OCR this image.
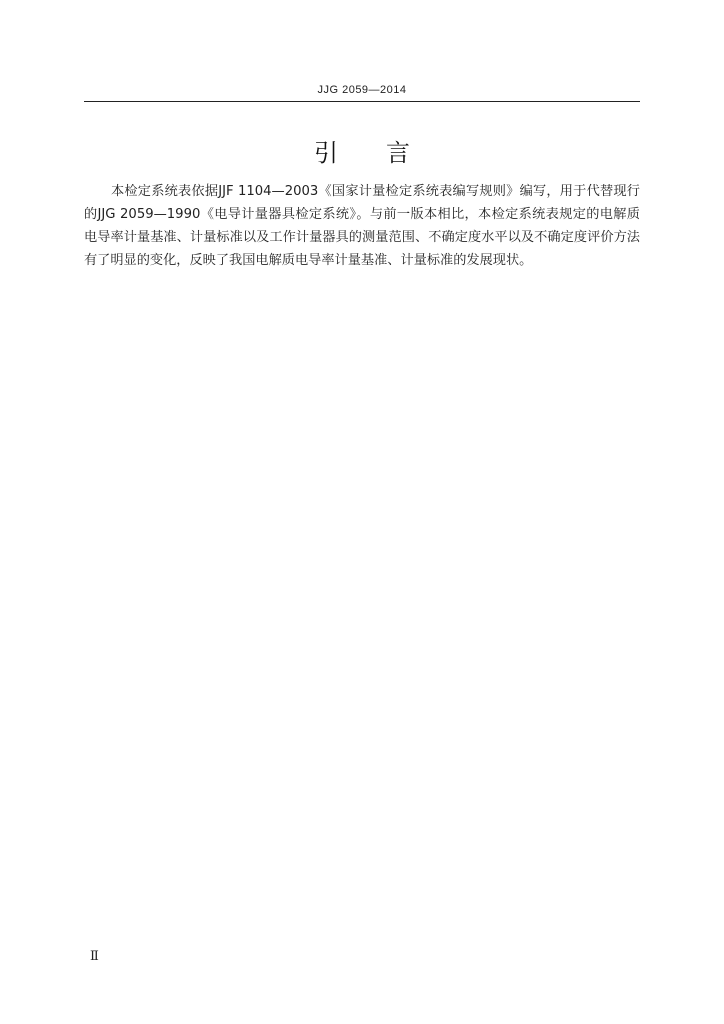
JJG 2059—2014
引言

本检定系统表依据JJF 1104—2003《国家计量检定系统表编写规则》编写，用于代替现行的JJG 2059—1990《电导计量器具检定系统》。与前一版本相比，本检定系统表规定的电解质电导率计量基准、计量标准以及工作计量器具的测量范围、不确定度水平以及不确定度评价方法有了明显的变化，反映了我国电解质电导率计量基准、计量标准的发展现状。

Ⅱ
